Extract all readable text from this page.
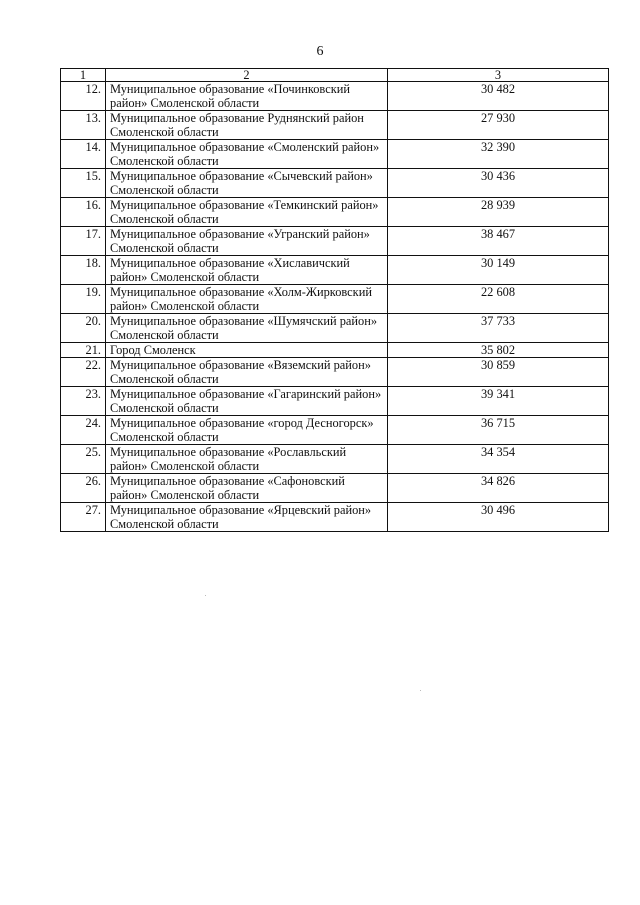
6
1	2	3
12.	Муниципальное образование «Починковский район» Смоленской области	30 482
13.	Муниципальное образование Руднянский район Смоленской области	27 930
14.	Муниципальное образование «Смоленский район» Смоленской области	32 390
15.	Муниципальное образование «Сычевский район» Смоленской области	30 436
16.	Муниципальное образование «Темкинский район» Смоленской области	28 939
17.	Муниципальное образование «Угранский район» Смоленской области	38 467
18.	Муниципальное образование «Хиславичский район» Смоленской области	30 149
19.	Муниципальное образование «Холм-Жирковский район» Смоленской области	22 608
20.	Муниципальное образование «Шумячский район» Смоленской области	37 733
21.	Город Смоленск	35 802
22.	Муниципальное образование «Вяземский район» Смоленской области	30 859
23.	Муниципальное образование «Гагаринский район» Смоленской области	39 341
24.	Муниципальное образование «город Десногорск» Смоленской области	36 715
25.	Муниципальное образование «Рославльский район» Смоленской области	34 354
26.	Муниципальное образование «Сафоновский район» Смоленской области	34 826
27.	Муниципальное образование «Ярцевский район» Смоленской области	30 496
